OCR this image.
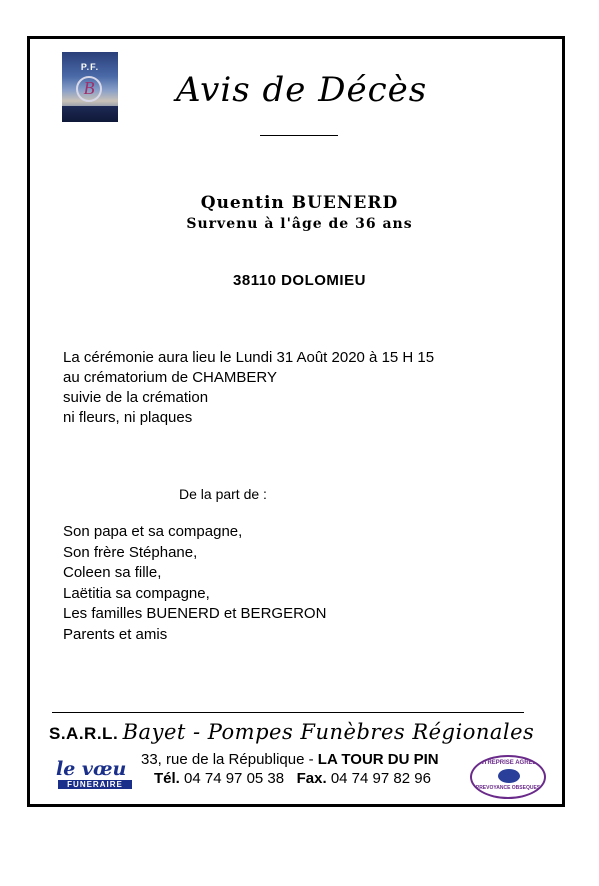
P.F.
B Avis de Décès
Quentin BUENERD
Survenu à l'âge de 36 ans
38110 DOLOMIEU
La cérémonie aura lieu le Lundi 31 Août 2020 à 15 H 15
au crématorium de CHAMBERY
suivie de la crémation
ni fleurs, ni plaques
De la part de :
Son papa et sa compagne,
Son frère Stéphane,
Coleen sa fille,
Laëtitia sa compagne,
Les familles BUENERD et BERGERON
Parents et amis
S.A.R.L. Bayet - Pompes Funèbres Régionales
33, rue de la République - LA TOUR DU PIN
Tél. 04 74 97 05 38 Fax. 04 74 97 82 96
le vœu
FUNERAIRE
ENTREPRISE AGRÉÉE
PREVOYANCE OBSEQUES
